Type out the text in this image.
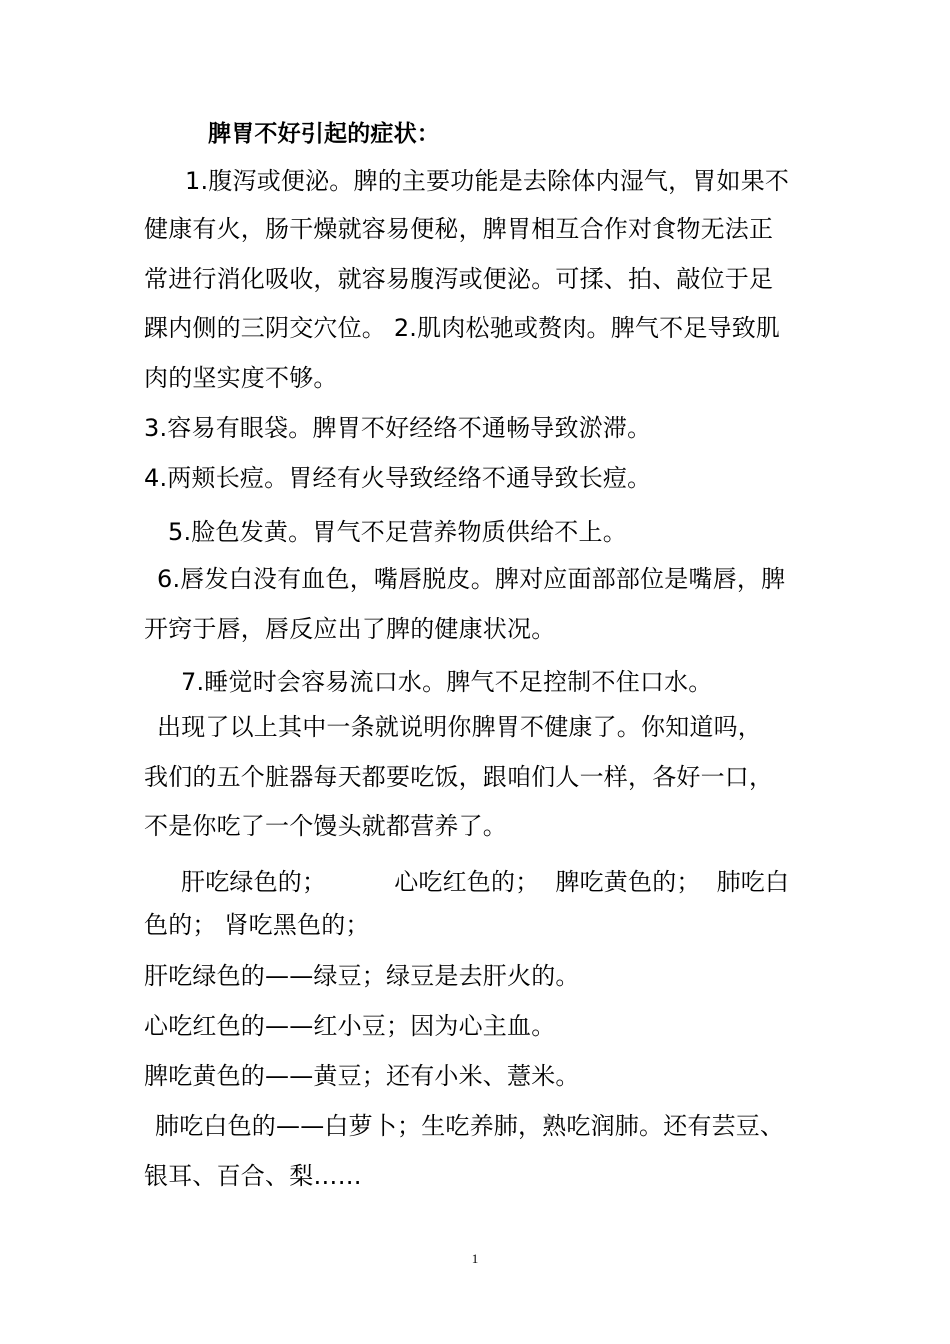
脾胃不好引起的症状：
1.腹泻或便泌。脾的主要功能是去除体内湿气，胃如果不
健康有火，肠干燥就容易便秘，脾胃相互合作对食物无法正
常进行消化吸收，就容易腹泻或便泌。可揉、拍、敲位于足
踝内侧的三阴交穴位。 2.肌肉松驰或赘肉。脾气不足导致肌
肉的坚实度不够。
3.容易有眼袋。脾胃不好经络不通畅导致淤滞。
4.两颊长痘。胃经有火导致经络不通导致长痘。
5.脸色发黄。胃气不足营养物质供给不上。
6.唇发白没有血色，嘴唇脱皮。脾对应面部部位是嘴唇，脾
开窍于唇，唇反应出了脾的健康状况。
7.睡觉时会容易流口水。脾气不足控制不住口水。
出现了以上其中一条就说明你脾胃不健康了。你知道吗，
我们的五个脏器每天都要吃饭，跟咱们人一样，各好一口，
不是你吃了一个馒头就都营养了。
肝吃绿色的；	心吃红色的； 脾吃黄色的； 肺吃白
色的； 肾吃黑色的；
肝吃绿色的——绿豆；绿豆是去肝火的。
心吃红色的——红小豆；因为心主血。
脾吃黄色的——黄豆；还有小米、薏米。
肺吃白色的——白萝卜；生吃养肺，熟吃润肺。还有芸豆、
银耳、百合、梨……
1
